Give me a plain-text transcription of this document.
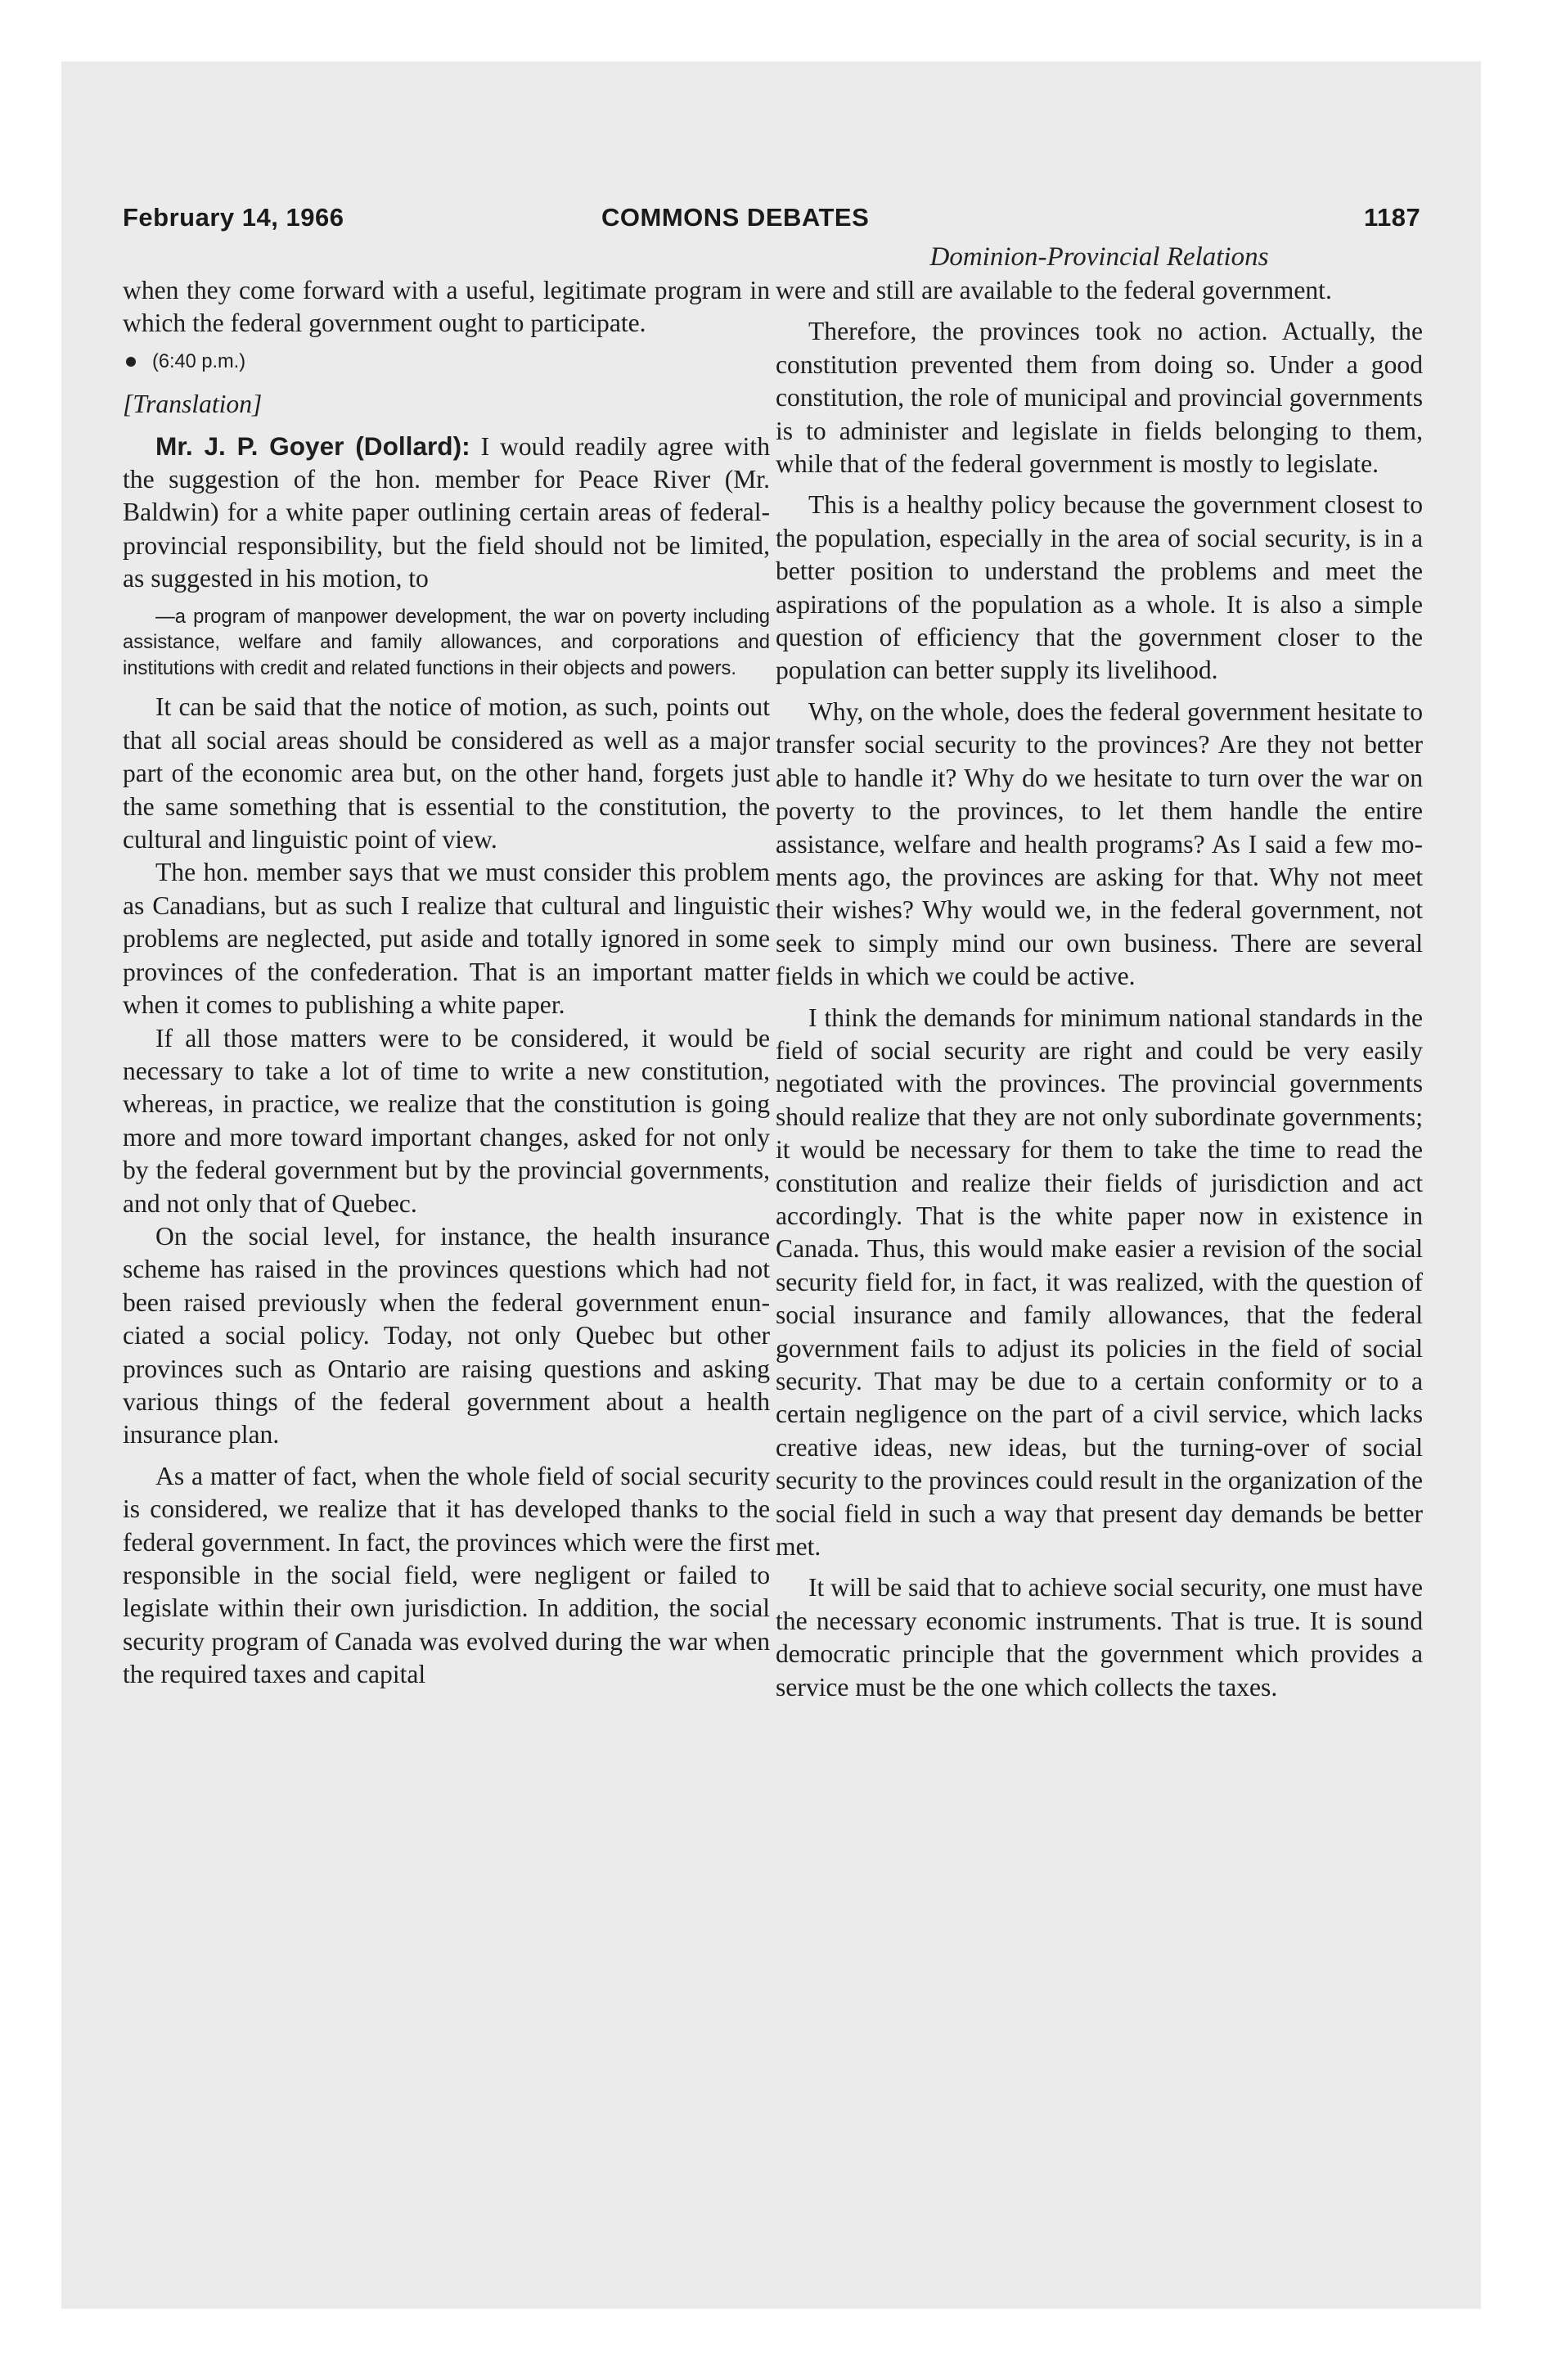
February 14, 1966	COMMONS DEBATES	1187
Dominion-Provincial Relations

when they come forward with a useful, legitimate program in which the federal government ought to participate.

(6:40 p.m.)

[Translation]

Mr. J. P. Goyer (Dollard): I would readily agree with the suggestion of the hon. member for Peace River (Mr. Baldwin) for a white paper outlining certain areas of federal-provincial responsibility, but the field should not be limited, as suggested in his motion, to

—a program of manpower development, the war on poverty including assistance, welfare and family allowances, and corporations and institutions with credit and related functions in their objects and powers.

It can be said that the notice of motion, as such, points out that all social areas should be considered as well as a major part of the economic area but, on the other hand, forgets just the same something that is essential to the constitution, the cultural and linguistic point of view.

The hon. member says that we must consider this problem as Canadians, but as such I realize that cultural and linguistic problems are neglected, put aside and totally ignored in some provinces of the confederation. That is an important matter when it comes to publishing a white paper.

If all those matters were to be considered, it would be necessary to take a lot of time to write a new constitution, whereas, in practice, we realize that the constitution is going more and more toward important changes, asked for not only by the federal government but by the provincial governments, and not only that of Quebec.

On the social level, for instance, the health insurance scheme has raised in the provinces questions which had not been raised previously when the federal government enunciated a social policy. Today, not only Quebec but other provinces such as Ontario are raising questions and asking various things of the federal government about a health insurance plan.

As a matter of fact, when the whole field of social security is considered, we realize that it has developed thanks to the federal government. In fact, the provinces which were the first responsible in the social field, were negligent or failed to legislate within their own jurisdiction. In addition, the social security program of Canada was evolved during the war when the required taxes and capital

were and still are available to the federal government.

Therefore, the provinces took no action. Actually, the constitution prevented them from doing so. Under a good constitution, the role of municipal and provincial governments is to administer and legislate in fields belonging to them, while that of the federal government is mostly to legislate.

This is a healthy policy because the government closest to the population, especially in the area of social security, is in a better position to understand the problems and meet the aspirations of the population as a whole. It is also a simple question of efficiency that the government closer to the population can better supply its livelihood.

Why, on the whole, does the federal government hesitate to transfer social security to the provinces? Are they not better able to handle it? Why do we hesitate to turn over the war on poverty to the provinces, to let them handle the entire assistance, welfare and health programs? As I said a few moments ago, the provinces are asking for that. Why not meet their wishes? Why would we, in the federal government, not seek to simply mind our own business. There are several fields in which we could be active.

I think the demands for minimum national standards in the field of social security are right and could be very easily negotiated with the provinces. The provincial governments should realize that they are not only subordinate governments; it would be necessary for them to take the time to read the constitution and realize their fields of jurisdiction and act accordingly. That is the white paper now in existence in Canada. Thus, this would make easier a revision of the social security field for, in fact, it was realized, with the question of social insurance and family allowances, that the federal government fails to adjust its policies in the field of social security. That may be due to a certain conformity or to a certain negligence on the part of a civil service, which lacks creative ideas, new ideas, but the turning-over of social security to the provinces could result in the organization of the social field in such a way that present day demands be better met.

It will be said that to achieve social security, one must have the necessary economic instruments. That is true. It is sound democratic principle that the government which provides a service must be the one which collects the taxes.
